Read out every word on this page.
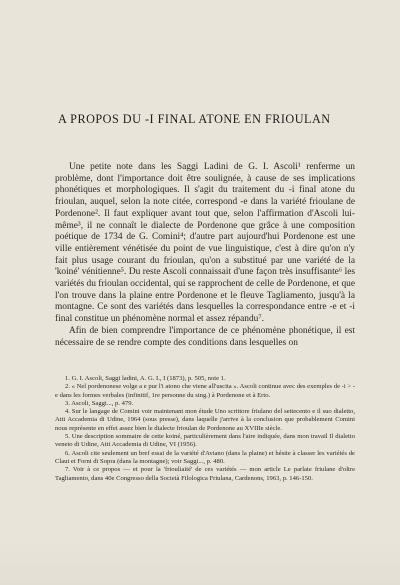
A PROPOS DU -I FINAL ATONE EN FRIOULAN

Une petite note dans les Saggi Ladini de G. I. Ascoli¹ renferme un problème, dont l'importance doit être soulignée, à cause de ses implications phonétiques et morphologiques. Il s'agit du traitement du -i final atone du frioulan, auquel, selon la note citée, correspond -e dans la variété frioulane de Pordenone². Il faut expliquer avant tout que, selon l'affirmation d'Ascoli lui-même³, il ne connaît le dialecte de Pordenone que grâce à une composition poétique de 1734 de G. Comini⁴; d'autre part aujourd'hui Pordenone est une ville entièrement vénétisée du point de vue linguistique, c'est à dire qu'on n'y fait plus usage courant du frioulan, qu'on a substitué par une variété de la 'koiné' vénitienne⁵. Du reste Ascoli connaissait d'une façon très insuffisante⁶ les variétés du frioulan occidental, qui se rapprochent de celle de Pordenone, et que l'on trouve dans la plaine entre Pordenone et le fleuve Tagliamento, jusqu'à la montagne. Ce sont des variétés dans lesquelles la correspondance entre -e et -i final constitue un phénomène normal et assez répandu⁷.

Afin de bien comprendre l'importance de ce phénomène phonétique, il est nécessaire de se rendre compte des conditions dans lesquelles on

1. G. I. Ascoli, Saggi ladini, A. G. I., I (1873), p. 505, note 1.

2. « Nel pordenonese volge a e pur l'i atono che viene all'uscita ». Ascoli continue avec des exemples de -i > -e dans les formes verbales (infinitif, 1re personne du sing.) à Pordenone et à Erto.

3. Ascoli, Saggi..., p. 479.

4. Sur le langage de Comini voir maintenant mon étude Uno scrittore friulano del settecento e il suo dialetto, Atti Accademia di Udine, 1964 (sous presse), dans laquelle j'arrive à la conclusion que probablement Comini nous représente en effet assez bien le dialecte frioulan de Pordenone au XVIIIe siècle.

5. Une description sommaire de cette koiné, particulièrement dans l'aire indiquée, dans mon travail Il dialetto veneto di Udine, Atti Accademia di Udine, VI (1956).

6. Ascoli cite seulement un bref essai de la variété d'Aviano (dans la plaine) et hésite à classer les variétés de Claut et Forni di Sopra (dans la montagne); voir Saggi..., p. 480.

7. Voir à ce propos — et pour la 'friouliaité' de ces variétés — mon article Le parlate friulane d'oltre Tagliamento, dans 40e Congresso della Società Filologica Friulana, Cardenons, 1963, p. 146-150.
